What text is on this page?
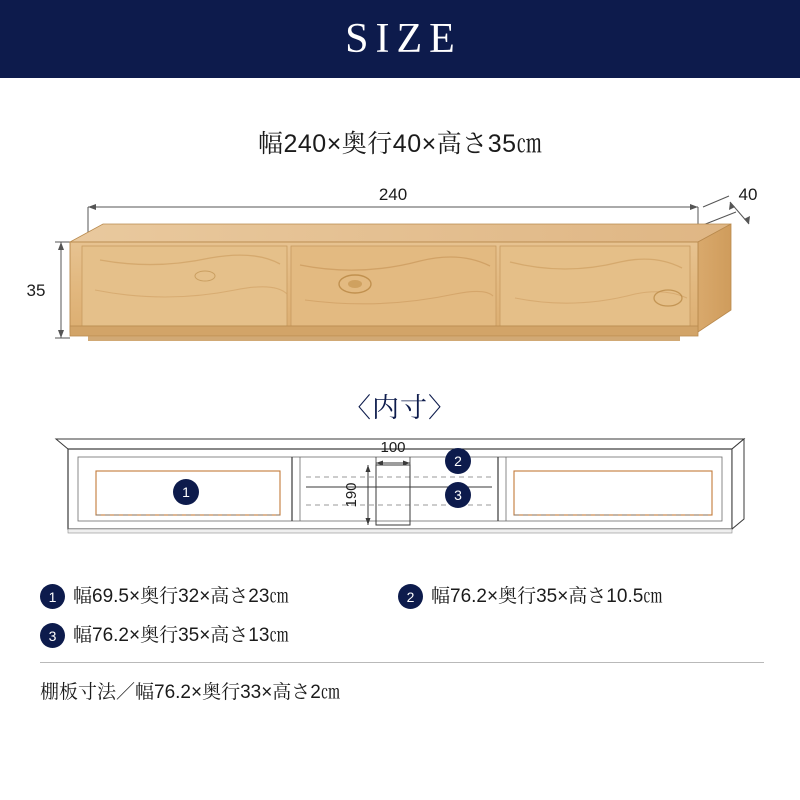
SIZE
幅240×奥行40×高さ35㎝
240	40
35
〈内寸〉
100
190
1
2
3
1 幅69.5×奥行32×高さ23㎝	2 幅76.2×奥行35×高さ10.5㎝
3 幅76.2×奥行35×高さ13㎝
棚板寸法／幅76.2×奥行33×高さ2㎝
